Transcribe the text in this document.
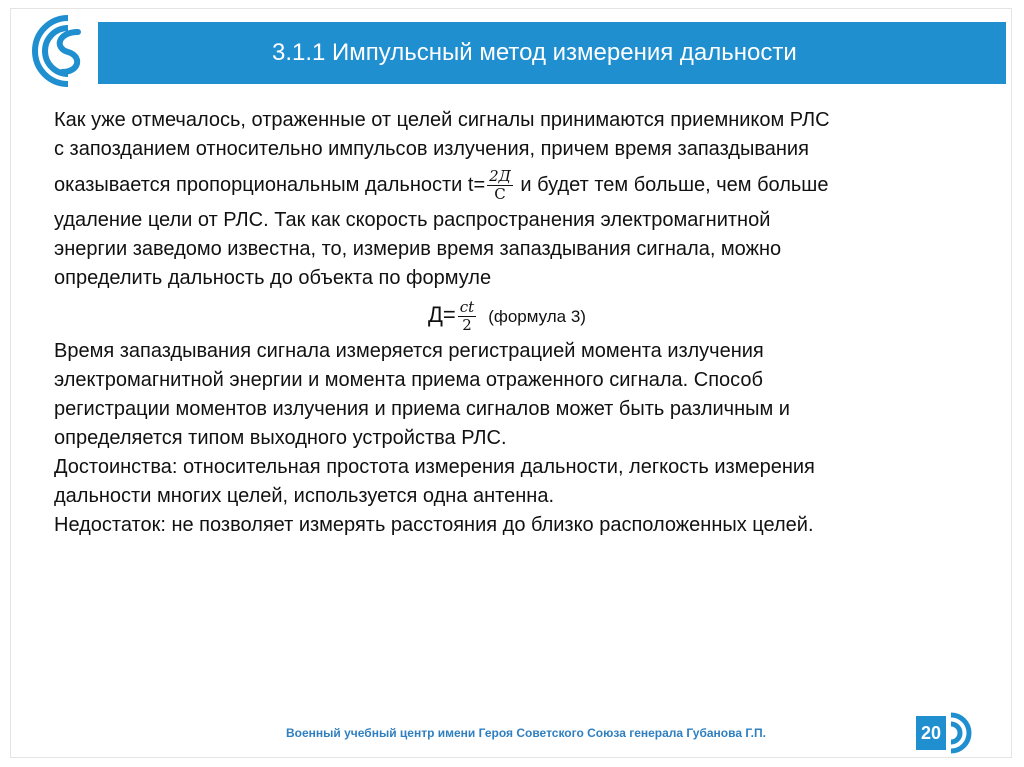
3.1.1 Импульсный метод измерения дальности
Как уже отмечалось, отраженные от целей сигналы принимаются приемником РЛС
с запозданием относительно импульсов излучения, причем время запаздывания
оказывается пропорциональным дальности $t= \frac{2Д}{С}$ и будет тем больше, чем больше
удаление цели от РЛС. Так как скорость распространения электромагнитной
энергии заведомо известна, то, измерив время запаздывания сигнала, можно
определить дальность до объекта по формуле
$Д= \frac{ct}{2}$ (формула 3)
Время запаздывания сигнала измеряется регистрацией момента излучения
электромагнитной энергии и момента приема отраженного сигнала. Способ
регистрации моментов излучения и приема сигналов может быть различным и
определяется типом выходного устройства РЛС.
Достоинства: относительная простота измерения дальности, легкость измерения
дальности многих целей, используется одна антенна.
Недостаток: не позволяет измерять расстояния до близко расположенных целей.
Военный учебный центр имени Героя Советского Союза генерала Губанова Г.П.	20
